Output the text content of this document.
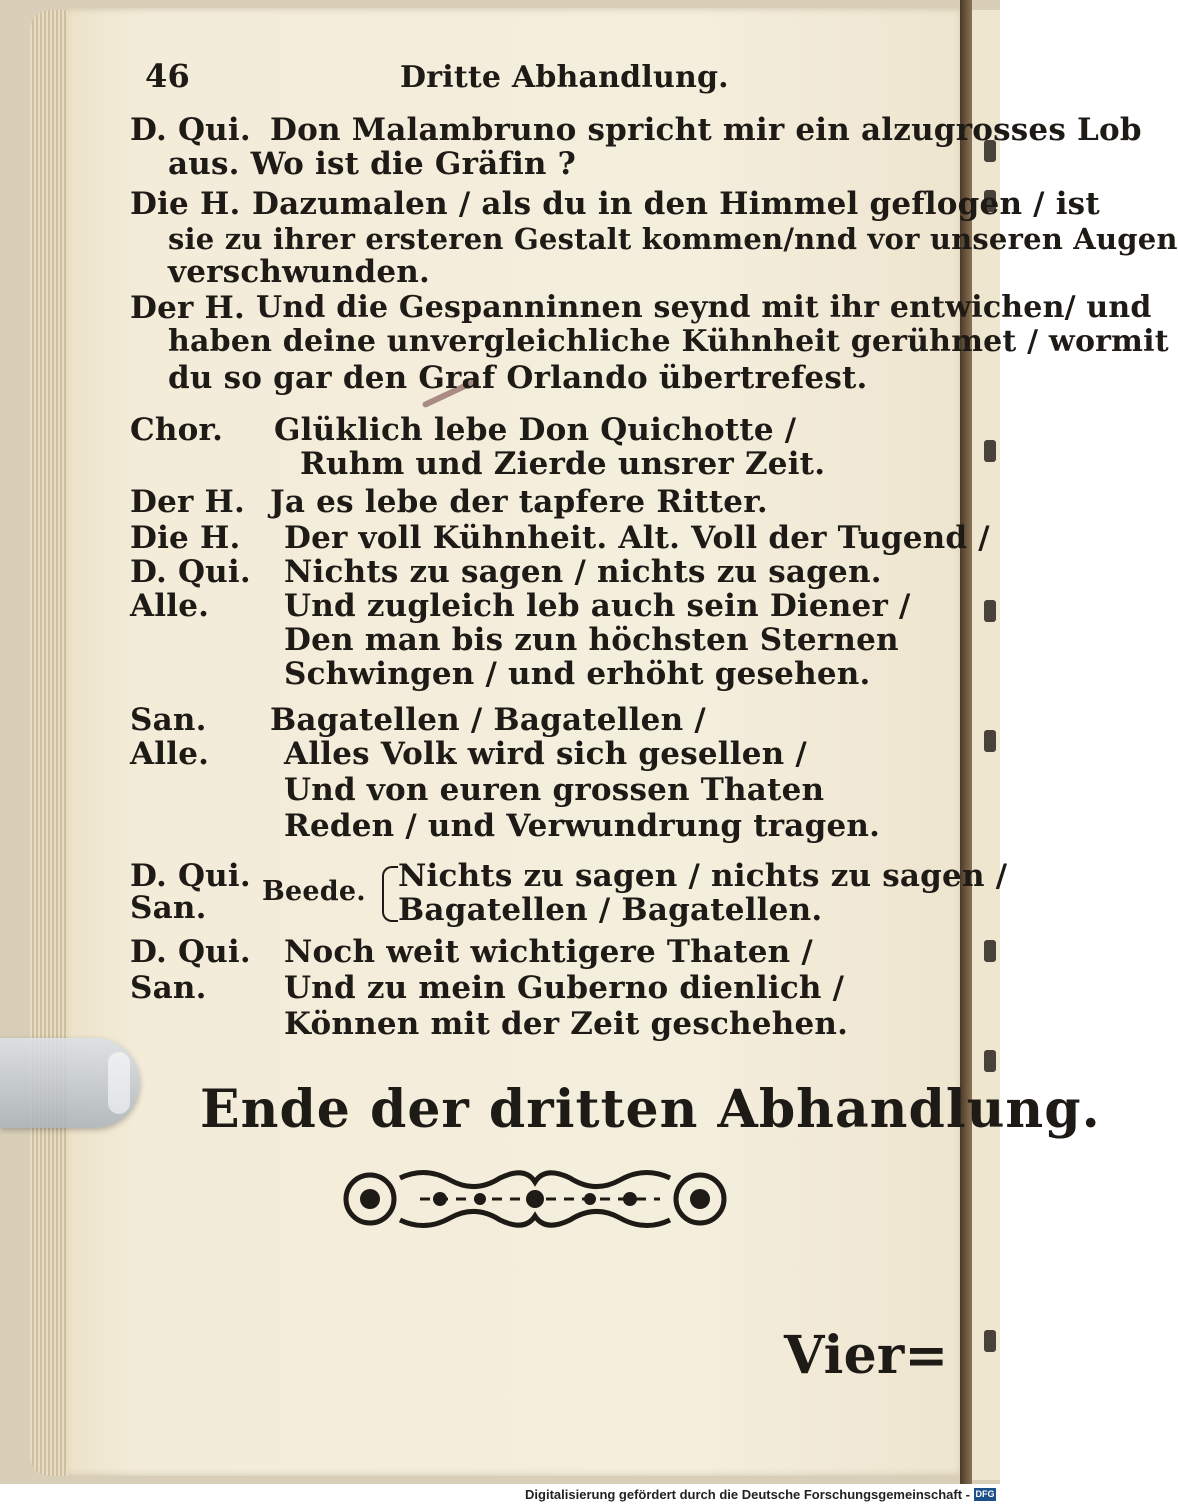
46	Dritte Abhandlung.
D. Qui. Don Malambruno spricht mir ein alzugrosses Lob
aus. Wo ist die Gräfin ?
Die H. Dazumalen / als du in den Himmel geflogen / ist
sie zu ihrer ersteren Gestalt kommen/nnd vor unseren Augen
verschwunden.
Der H. Und die Gespanninnen seynd mit ihr entwichen/ und
haben deine unvergleichliche Kühnheit gerühmet / wormit
du so gar den Graf Orlando übertrefest.
Chor. Glüklich lebe Don Quichotte /
Ruhm und Zierde unsrer Zeit.
Der H. Ja es lebe der tapfere Ritter.
Die H. Der voll Kühnheit. Alt. Voll der Tugend /
D. Qui. Nichts zu sagen / nichts zu sagen.
Alle. Und zugleich leb auch sein Diener /
Den man bis zun höchsten Sternen
Schwingen / und erhöht gesehen.
San. Bagatellen / Bagatellen /
Alle. Alles Volk wird sich gesellen /
Und von euren grossen Thaten
Reden / und Verwundrung tragen.
D. Qui.
San. Beede. Nichts zu sagen / nichts zu sagen /
Bagatellen / Bagatellen.
D. Qui. Noch weit wichtigere Thaten /
San. Und zu mein Guberno dienlich /
Können mit der Zeit geschehen.
Ende der dritten Abhandlung.
Vier=
Digitalisierung gefördert durch die Deutsche Forschungsgemeinschaft - DFG
